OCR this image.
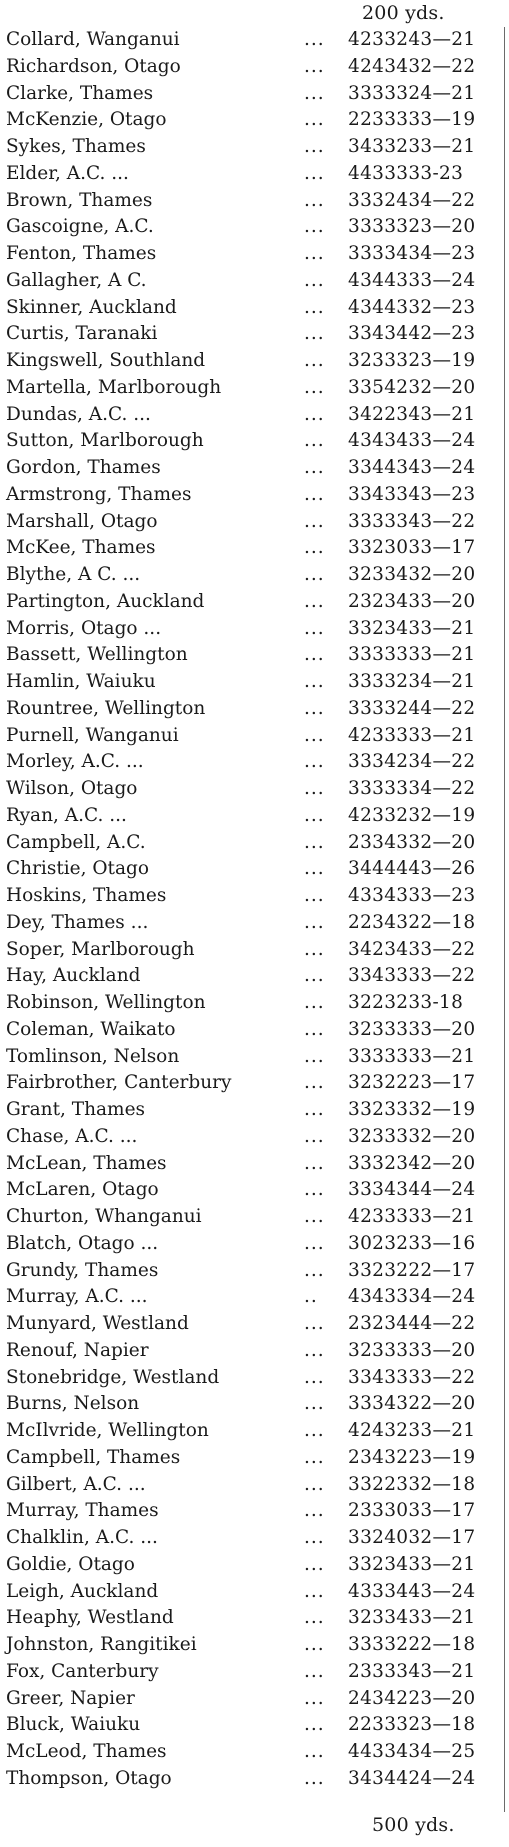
200 yds.
Collard, Wanganui	... 4233243—21
Richardson, Otago	... 4243432—22
Clarke, Thames	... 3333324—21
McKenzie, Otago	... 2233333—19
Sykes, Thames	... 3433233—21
Elder, A.C. ...	... 4433333-23
Brown, Thames	... 3332434—22
Gascoigne, A.C.	... 3333323—20
Fenton, Thames	... 3333434—23
Gallagher, A C.	... 4344333—24
Skinner, Auckland	... 4344332—23
Curtis, Taranaki	... 3343442—23
Kingswell, Southland	... 3233323—19
Martella, Marlborough	... 3354232—20
Dundas, A.C. ...	... 3422343—21
Sutton, Marlborough	... 4343433—24
Gordon, Thames	... 3344343—24
Armstrong, Thames	... 3343343—23
Marshall, Otago	... 3333343—22
McKee, Thames	... 3323033—17
Blythe, A C. ...	... 3233432—20
Partington, Auckland	... 2323433—20
Morris, Otago ...	... 3323433—21
Bassett, Wellington	... 3333333—21
Hamlin, Waiuku	... 3333234—21
Rountree, Wellington	... 3333244—22
Purnell, Wanganui	... 4233333—21
Morley, A.C. ...	... 3334234—22
Wilson, Otago	... 3333334—22
Ryan, A.C. ...	... 4233232—19
Campbell, A.C.	... 2334332—20
Christie, Otago	... 3444443—26
Hoskins, Thames	... 4334333—23
Dey, Thames ...	... 2234322—18
Soper, Marlborough	... 3423433—22
Hay, Auckland	... 3343333—22
Robinson, Wellington	... 3223233-18
Coleman, Waikato	... 3233333—20
Tomlinson, Nelson	... 3333333—21
Fairbrother, Canterbury	... 3232223—17
Grant, Thames	... 3323332—19
Chase, A.C. ...	... 3233332—20
McLean, Thames	... 3332342—20
McLaren, Otago	... 3334344—24
Churton, Whanganui	... 4233333—21
Blatch, Otago ...	... 3023233—16
Grundy, Thames	... 3323222—17
Murray, A.C. ...	.. 4343334—24
Munyard, Westland	... 2323444—22
Renouf, Napier	... 3233333—20
Stonebridge, Westland	... 3343333—22
Burns, Nelson	... 3334322—20
McIlvride, Wellington	... 4243233—21
Campbell, Thames	... 2343223—19
Gilbert, A.C. ...	... 3322332—18
Murray, Thames	... 2333033—17
Chalklin, A.C. ...	... 3324032—17
Goldie, Otago	... 3323433—21
Leigh, Auckland	... 4333443—24
Heaphy, Westland	... 3233433—21
Johnston, Rangitikei	... 3333222—18
Fox, Canterbury	... 2333343—21
Greer, Napier	... 2434223—20
Bluck, Waiuku	... 2233323—18
McLeod, Thames	... 4433434—25
Thompson, Otago	... 3434424—24
500 yds.
